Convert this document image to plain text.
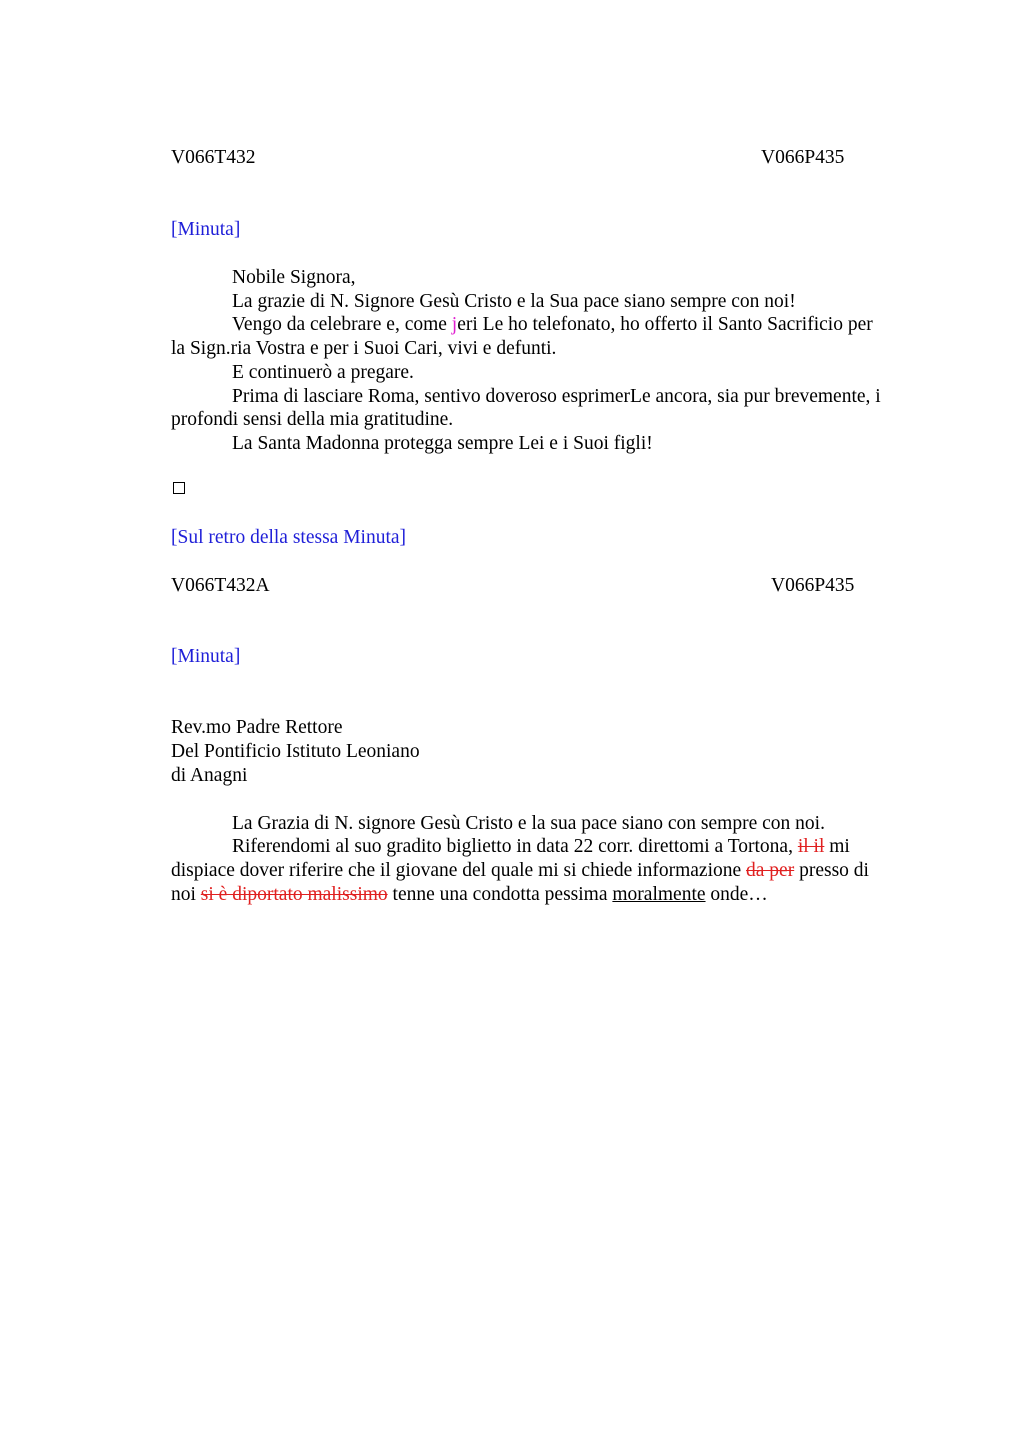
V066T432	V066P435
[Minuta]
Nobile Signora,
La grazie di N. Signore Gesù Cristo e la Sua pace siano sempre con noi!
Vengo da celebrare e, come jeri Le ho telefonato, ho offerto il Santo Sacrificio per
la Sign.ria Vostra e per i Suoi Cari, vivi e defunti.
E continuerò a pregare.
Prima di lasciare Roma, sentivo doveroso esprimerLe ancora, sia pur brevemente, i
profondi sensi della mia gratitudine.
La Santa Madonna protegga sempre Lei e i Suoi figli!
[Sul retro della stessa Minuta]
V066T432A	V066P435
[Minuta]
Rev.mo Padre Rettore
Del Pontificio Istituto Leoniano
di Anagni
La Grazia di N. signore Gesù Cristo e la sua pace siano con sempre con noi.
Riferendomi al suo gradito biglietto in data 22 corr. direttomi a Tortona, il il mi
dispiace dover riferire che il giovane del quale mi si chiede informazione da per presso di
noi si è diportato malissimo tenne una condotta pessima moralmente onde…
